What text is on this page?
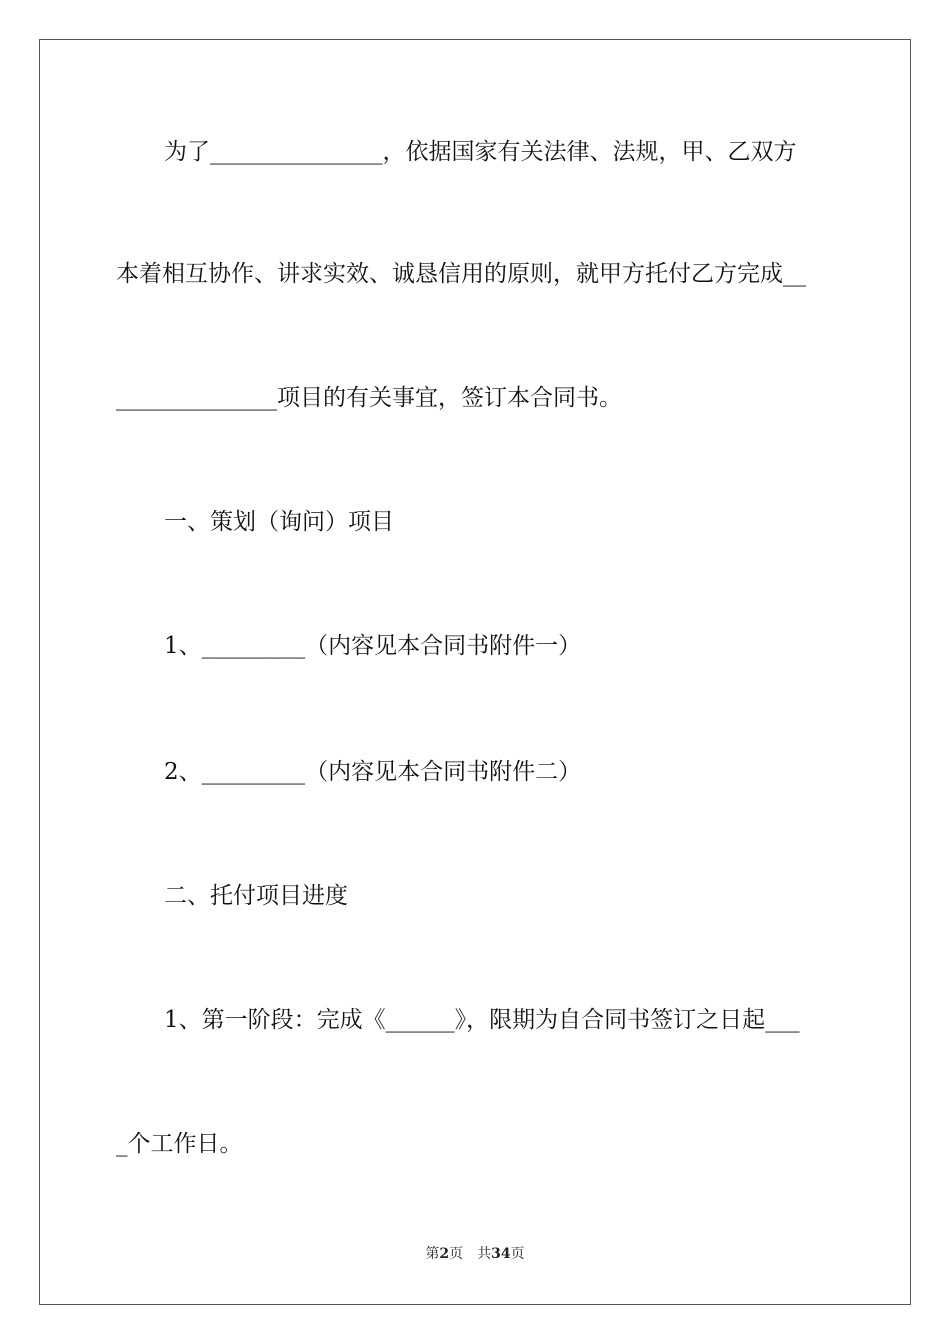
为了_______________，依据国家有关法律、法规，甲、乙双方

本着相互协作、讲求实效、诚恳信用的原则，就甲方托付乙方完成__

______________项目的有关事宜，签订本合同书。

一、策划（询问）项目

1、_________（内容见本合同书附件一）

2、_________（内容见本合同书附件二）

二、托付项目进度

1、第一阶段：完成《______》，限期为自合同书签订之日起___

_个工作日。

第2页　共34页
